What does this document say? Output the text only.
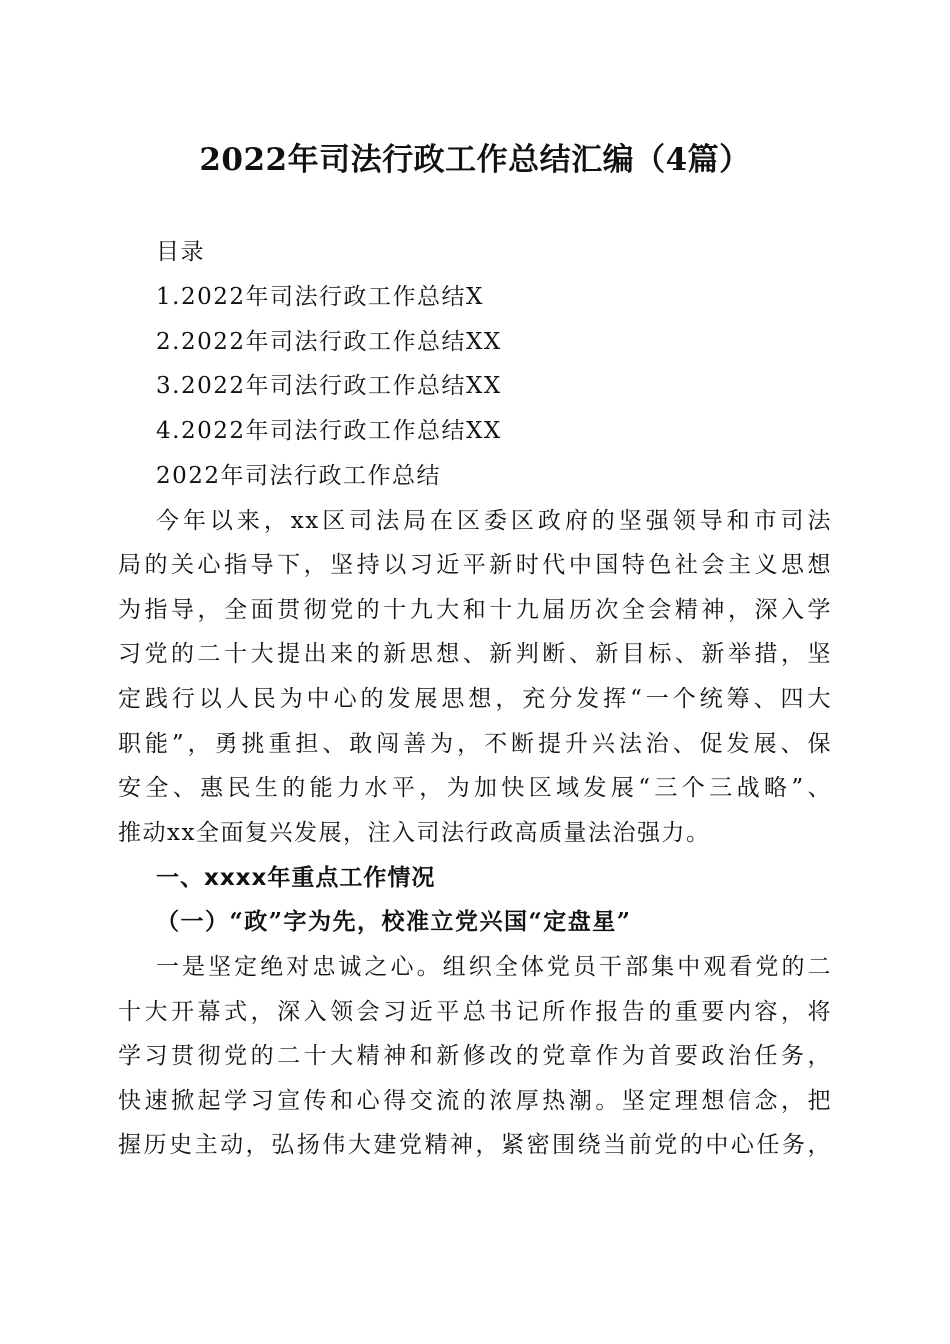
2022年司法行政工作总结汇编（4篇）
目录
1.2022年司法行政工作总结X
2.2022年司法行政工作总结XX
3.2022年司法行政工作总结XX
4.2022年司法行政工作总结XX
2022年司法行政工作总结
今年以来，xx区司法局在区委区政府的坚强领导和市司法
局的关心指导下，坚持以习近平新时代中国特色社会主义思想
为指导，全面贯彻党的十九大和十九届历次全会精神，深入学
习党的二十大提出来的新思想、新判断、新目标、新举措，坚
定践行以人民为中心的发展思想，充分发挥“一个统筹、四大
职能”，勇挑重担、敢闯善为，不断提升兴法治、促发展、保
安全、惠民生的能力水平，为加快区域发展“三个三战略”、
推动xx全面复兴发展，注入司法行政高质量法治强力。
一、xxxx年重点工作情况
（一）“政”字为先，校准立党兴国“定盘星”
一是坚定绝对忠诚之心。组织全体党员干部集中观看党的二
十大开幕式，深入领会习近平总书记所作报告的重要内容，将
学习贯彻党的二十大精神和新修改的党章作为首要政治任务，
快速掀起学习宣传和心得交流的浓厚热潮。坚定理想信念，把
握历史主动，弘扬伟大建党精神，紧密围绕当前党的中心任务，
